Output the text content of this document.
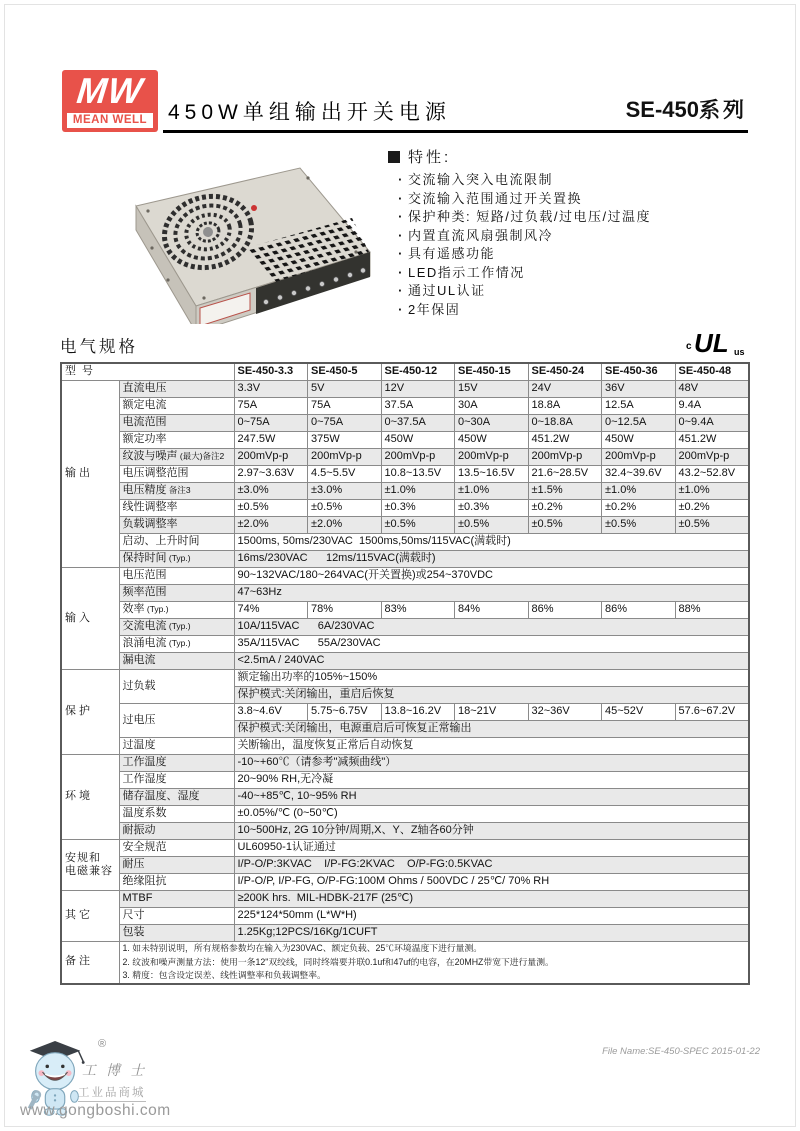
MW
MEAN WELL 450W单组输出开关电源	SE-450系列
特性:
· 交流输入突入电流限制
· 交流输入范围通过开关置换
· 保护种类: 短路/过负载/过电压/过温度
· 内置直流风扇强制风冷
· 具有遥感功能
· LED指示工作情况
· 通过UL认证
· 2年保固
电气规格	c UL us
型号		SE-450-3.3	SE-450-5	SE-450-12	SE-450-15	SE-450-24	SE-450-36	SE-450-48

输出	直流电压	3.3V	5V	12V	15V	24V	36V	48V
	额定电流	75A	75A	37.5A	30A	18.8A	12.5A	9.4A
	电流范围	0~75A	0~75A	0~37.5A	0~30A	0~18.8A	0~12.5A	0~9.4A
	额定功率	247.5W	375W	450W	450W	451.2W	450W	451.2W
	纹波与噪声 (最大)备注2	200mVp-p	200mVp-p	200mVp-p	200mVp-p	200mVp-p	200mVp-p	200mVp-p
	电压调整范围	2.97~3.63V	4.5~5.5V	10.8~13.5V	13.5~16.5V	21.6~28.5V	32.4~39.6V	43.2~52.8V
	电压精度 备注3	±3.0%	±3.0%	±1.0%	±1.0%	±1.5%	±1.0%	±1.0%
	线性调整率	±0.5%	±0.5%	±0.3%	±0.3%	±0.2%	±0.2%	±0.2%
	负载调整率	±2.0%	±2.0%	±0.5%	±0.5%	±0.5%	±0.5%	±0.5%
	启动、上升时间	1500ms, 50ms/230VAC  1500ms,50ms/115VAC(满载时)						
	保持时间 (Typ.)	16ms/230VAC      12ms/115VAC(满载时)						

输入	电压范围	90~132VAC/180~264VAC(开关置换)或254~370VDC						
	频率范围	47~63Hz						
	效率 (Typ.)	74%	78%	83%	84%	86%	86%	88%
	交流电流 (Typ.)	10A/115VAC      6A/230VAC						
	浪涌电流 (Typ.)	35A/115VAC      55A/230VAC						
	漏电流	<2.5mA / 240VAC						

保护	过负载	额定输出功率的105%~150%						
		保护模式:关闭输出，重启后恢复						
	过电压	3.8~4.6V	5.75~6.75V	13.8~16.2V	18~21V	32~36V	45~52V	57.6~67.2V
		保护模式:关闭输出，电源重启后可恢复正常输出						
	过温度	关断输出，温度恢复正常后自动恢复						

环境	工作温度	-10~+60℃（请参考"减频曲线"）						
	工作湿度	20~90% RH,无冷凝						
	储存温度、湿度	-40~+85℃, 10~95% RH						
	温度系数	±0.05%/℃ (0~50℃)						
	耐振动	10~500Hz, 2G 10分钟/周期,X、Y、Z轴各60分钟						

安规和
电磁兼容	安全规范	UL60950-1认证通过						
	耐压	I/P-O/P:3KVAC    I/P-FG:2KVAC    O/P-FG:0.5KVAC						
	绝缘阻抗	I/P-O/P, I/P-FG, O/P-FG:100M Ohms / 500VDC / 25℃/ 70% RH						

其它	MTBF	≥200K hrs.  MIL-HDBK-217F (25℃)						
	尺寸	225*124*50mm (L*W*H)						
	包装	1.25Kg;12PCS/16Kg/1CUFT						

备注	1. 如未特别说明，所有规格参数均在输入为230VAC、额定负载、25℃环境温度下进行量测。
2. 纹波和噪声测量方法：使用一条12"双绞线，同时终端要并联0.1uf和47uf的电容，在20MHZ带宽下进行量测。
3. 精度：包含设定误差、线性调整率和负载调整率。							
®
工博士
工业品商城
www.gongboshi.com
File Name:SE-450-SPEC 2015-01-22
